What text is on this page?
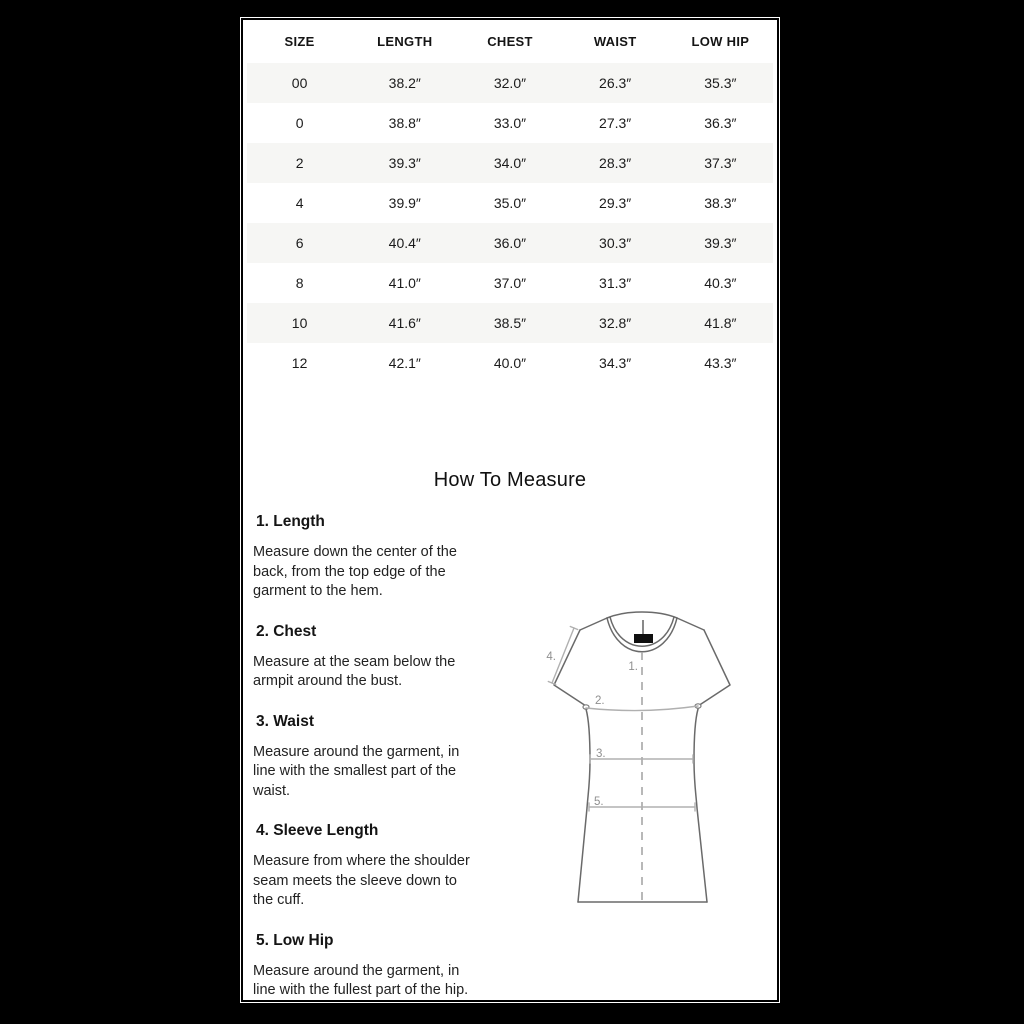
SIZE	LENGTH	CHEST	WAIST	LOW HIP
00	38.2″	32.0″	26.3″	35.3″
0	38.8″	33.0″	27.3″	36.3″
2	39.3″	34.0″	28.3″	37.3″
4	39.9″	35.0″	29.3″	38.3″
6	40.4″	36.0″	30.3″	39.3″
8	41.0″	37.0″	31.3″	40.3″
10	41.6″	38.5″	32.8″	41.8″
12	42.1″	40.0″	34.3″	43.3″
How To Measure
1. Length

Measure down the center of the back, from the top edge of the garment to the hem.

2. Chest

Measure at the seam below the armpit around the bust.

3. Waist

Measure around the garment, in line with the smallest part of the waist.

4. Sleeve Length

Measure from where the shoulder seam meets the sleeve down to the cuff.

5. Low Hip

Measure around the garment, in line with the fullest part of the hip.

1.
2.
3.
4.
5.
